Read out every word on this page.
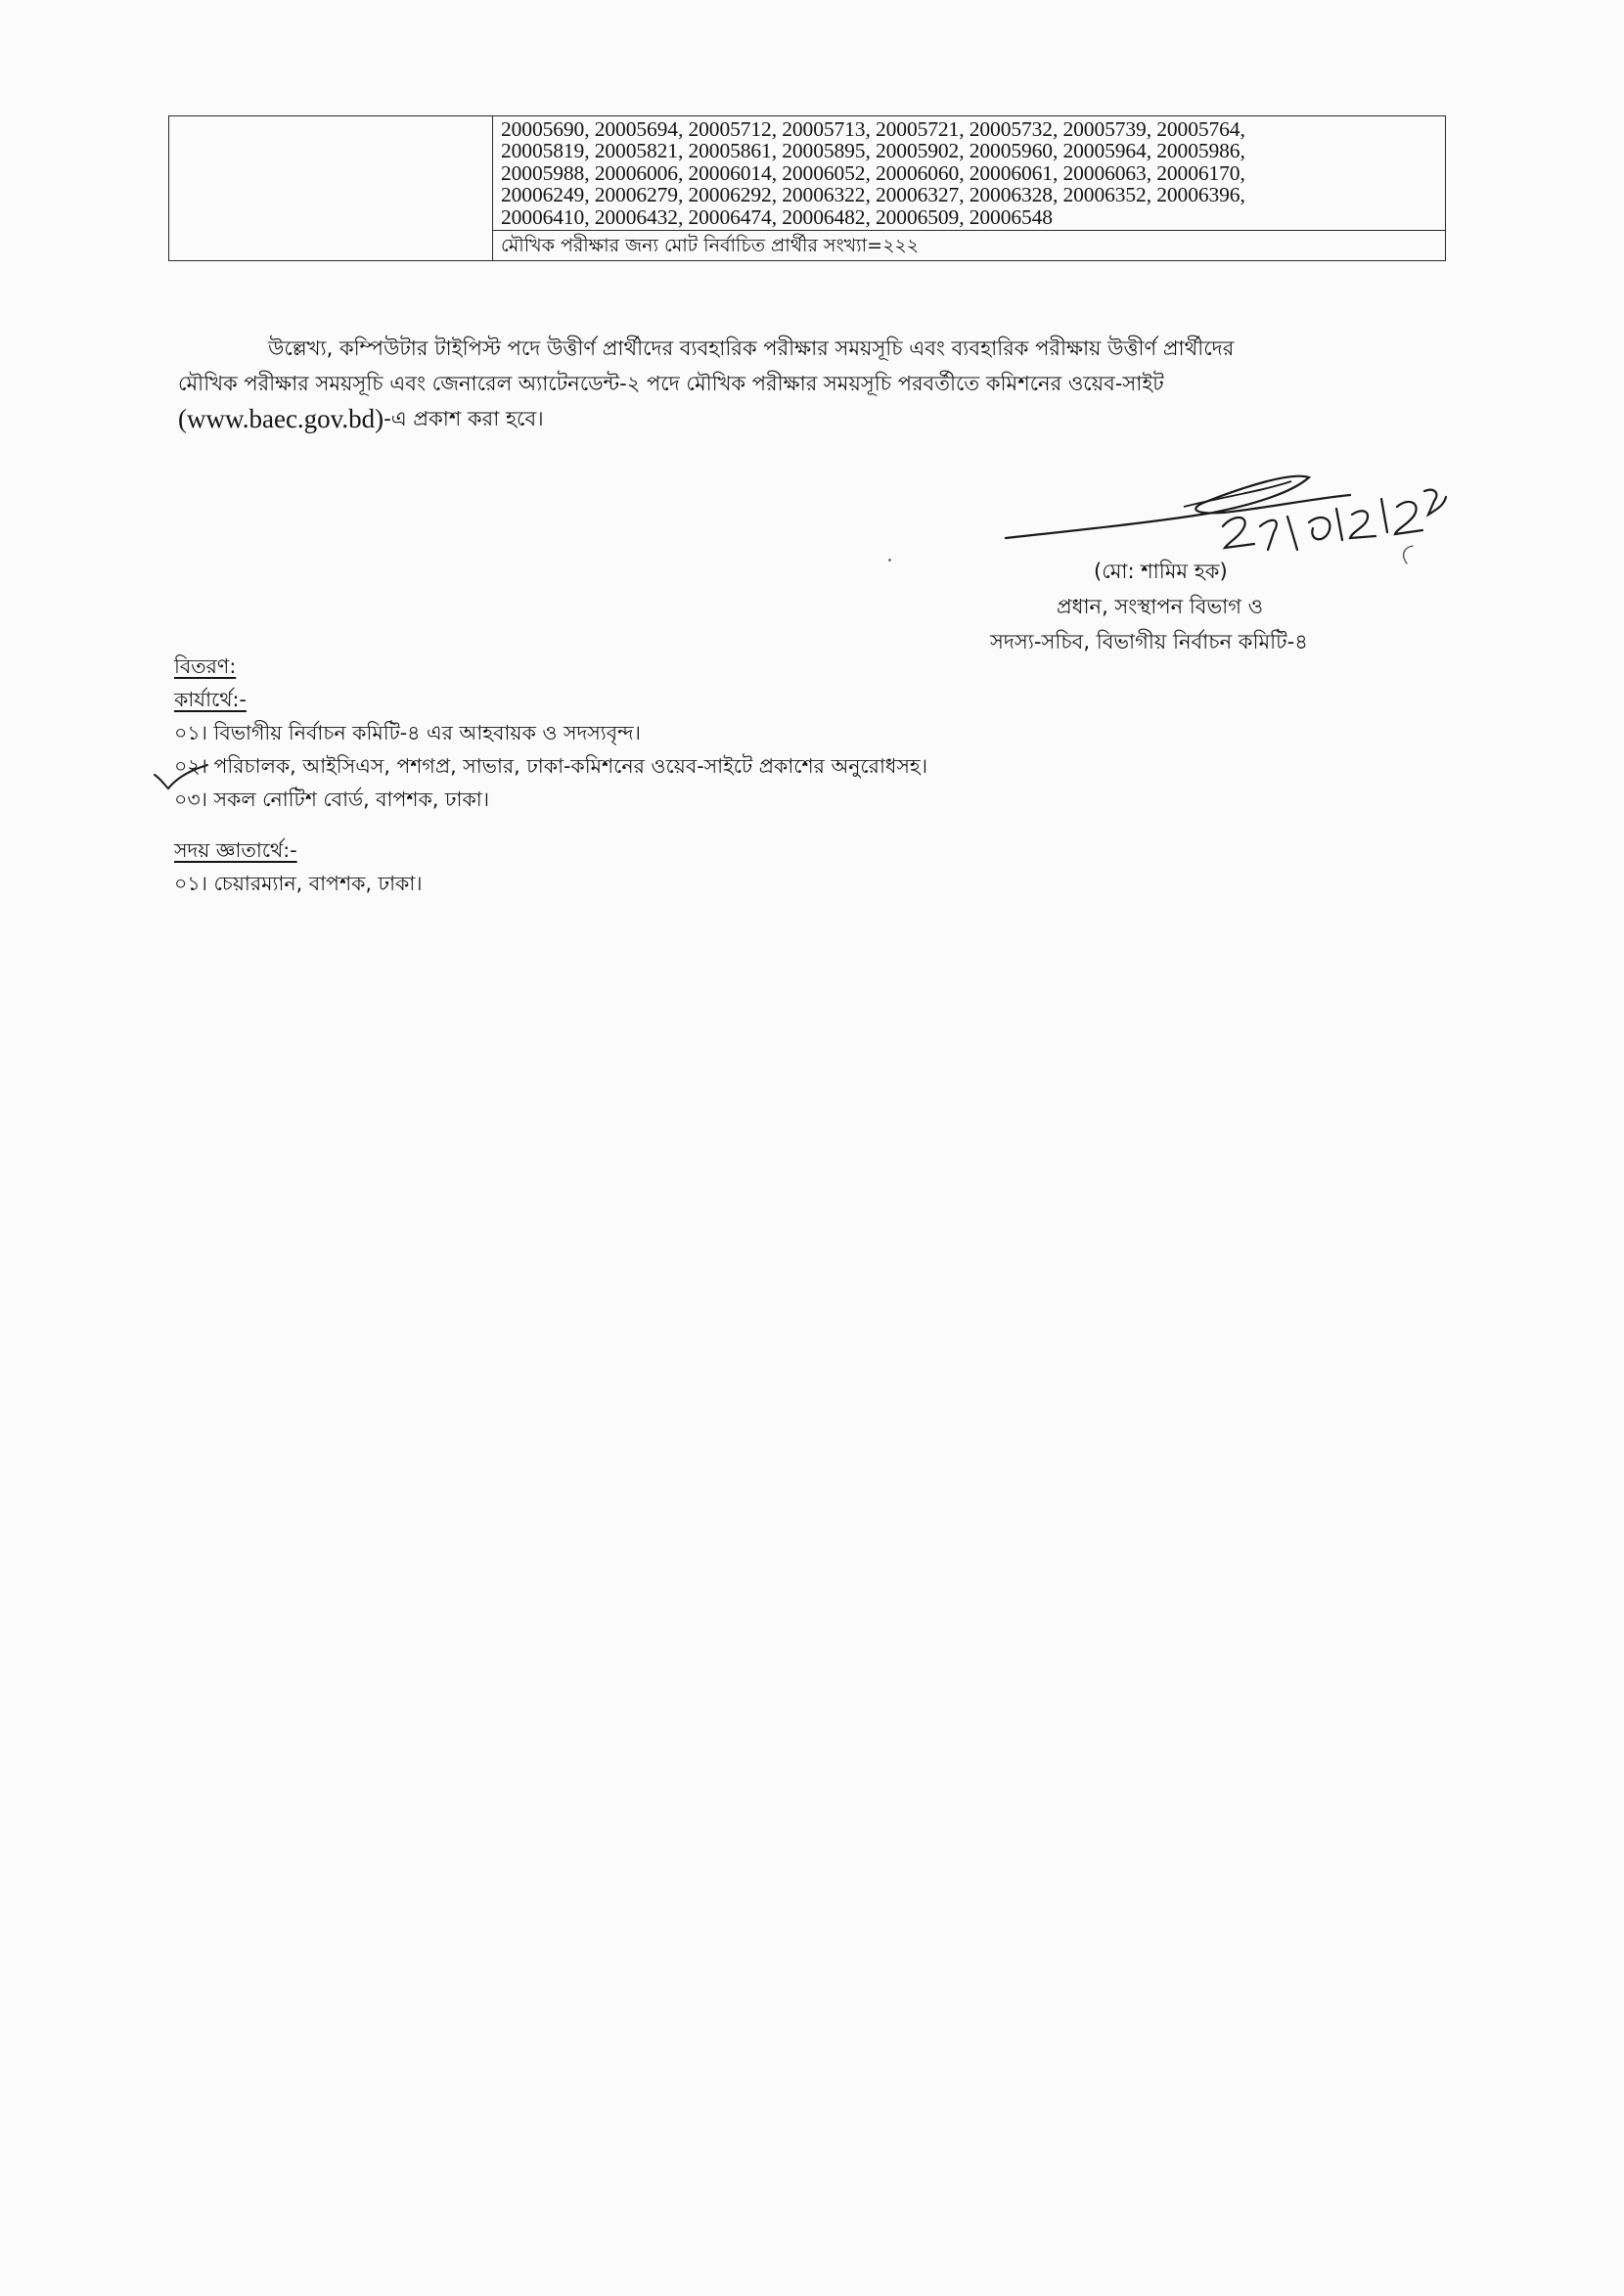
20005690, 20005694, 20005712, 20005713, 20005721, 20005732, 20005739, 20005764,
20005819, 20005821, 20005861, 20005895, 20005902, 20005960, 20005964, 20005986,
20005988, 20006006, 20006014, 20006052, 20006060, 20006061, 20006063, 20006170,
20006249, 20006279, 20006292, 20006322, 20006327, 20006328, 20006352, 20006396,
20006410, 20006432, 20006474, 20006482, 20006509, 20006548

মৌখিক পরীক্ষার জন্য মোট নির্বাচিত প্রার্থীর সংখ্যা=২২২
উল্লেখ্য, কম্পিউটার টাইপিস্ট পদে উত্তীর্ণ প্রার্থীদের ব্যবহারিক পরীক্ষার সময়সূচি এবং ব্যবহারিক পরীক্ষায় উত্তীর্ণ প্রার্থীদের
মৌখিক পরীক্ষার সময়সূচি এবং জেনারেল অ্যাটেনডেন্ট-২ পদে মৌখিক পরীক্ষার সময়সূচি পরবর্তীতে কমিশনের ওয়েব-সাইট
(www.baec.gov.bd) -এ প্রকাশ করা হবে।
(মো: শামিম হক)
প্রধান, সংস্থাপন বিভাগ ও
সদস্য-সচিব, বিভাগীয় নির্বাচন কমিটি-৪
বিতরণ:
কার্যার্থে:-
০১। বিভাগীয় নির্বাচন কমিটি-৪ এর আহবায়ক ও সদস্যবৃন্দ।
০২। পরিচালক, আইসিএস, পশগপ্র, সাভার, ঢাকা-কমিশনের ওয়েব-সাইটে প্রকাশের অনুরোধসহ।
০৩। সকল নোটিশ বোর্ড, বাপশক, ঢাকা।
সদয় জ্ঞাতার্থে:-
০১। চেয়ারম্যান, বাপশক, ঢাকা।
